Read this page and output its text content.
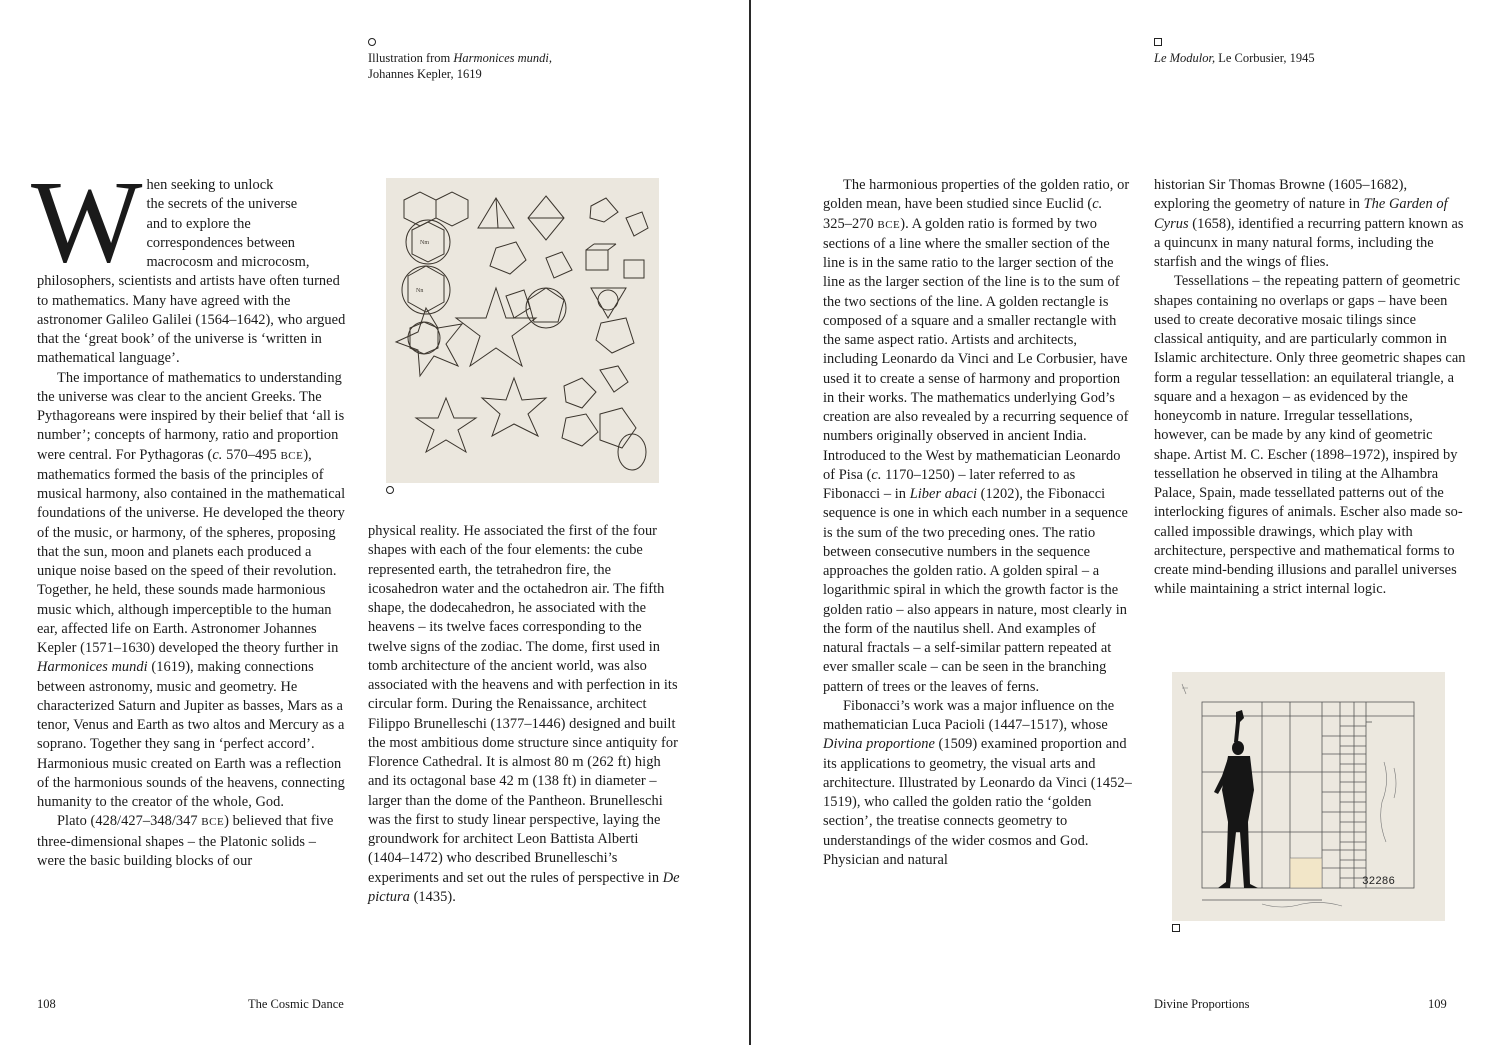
Illustration from Harmonices mundi,
Johannes Kepler, 1619

W hen seeking to unlock
the secrets of the universe
and to explore the
correspondences between
macrocosm and microcosm,
philosophers, scientists and artists have often turned to mathematics. Many have agreed with the astronomer Galileo Galilei (1564–1642), who argued that the ‘great book’ of the universe is ‘written in mathematical language’.

The importance of mathematics to understanding the universe was clear to the ancient Greeks. The Pythagoreans were inspired by their belief that ‘all is number’; concepts of harmony, ratio and proportion were central. For Pythagoras (c. 570–495 BCE), mathematics formed the basis of the principles of musical harmony, also contained in the mathematical foundations of the universe. He developed the theory of the music, or harmony, of the spheres, proposing that the sun, moon and planets each produced a unique noise based on the speed of their revolution. Together, he held, these sounds made harmonious music which, although imperceptible to the human ear, affected life on Earth. Astronomer Johannes Kepler (1571–1630) developed the theory further in Harmonices mundi (1619), making connections between astronomy, music and geometry. He characterized Saturn and Jupiter as basses, Mars as a tenor, Venus and Earth as two altos and Mercury as a soprano. Together they sang in ‘perfect accord’. Harmonious music created on Earth was a reflection of the harmonious sounds of the heavens, connecting humanity to the creator of the whole, God.

Plato (428/427–348/347 BCE) believed that five three-dimensional shapes – the Platonic solids – were the basic building blocks of our

Nm
Nn

physical reality. He associated the first of the four shapes with each of the four elements: the cube represented earth, the tetrahedron fire, the icosahedron water and the octahedron air. The fifth shape, the dodecahedron, he associated with the heavens – its twelve faces corresponding to the twelve signs of the zodiac. The dome, first used in tomb architecture of the ancient world, was also associated with the heavens and with perfection in its circular form. During the Renaissance, architect Filippo Brunelleschi (1377–1446) designed and built the most ambitious dome structure since antiquity for Florence Cathedral. It is almost 80 m (262 ft) high and its octagonal base 42 m (138 ft) in diameter – larger than the dome of the Pantheon. Brunelleschi was the first to study linear perspective, laying the groundwork for architect Leon Battista Alberti (1404–1472) who described Brunelleschi’s experiments and set out the rules of perspective in De pictura (1435).

108	The Cosmic Dance
Le Modulor, Le Corbusier, 1945

The harmonious properties of the golden ratio, or golden mean, have been studied since Euclid (c. 325–270 BCE). A golden ratio is formed by two sections of a line where the smaller section of the line is in the same ratio to the larger section of the line as the larger section of the line is to the sum of the two sections of the line. A golden rectangle is composed of a square and a smaller rectangle with the same aspect ratio. Artists and architects, including Leonardo da Vinci and Le Corbusier, have used it to create a sense of harmony and proportion in their works. The mathematics underlying God’s creation are also revealed by a recurring sequence of numbers originally observed in ancient India. Introduced to the West by mathematician Leonardo of Pisa (c. 1170–1250) – later referred to as Fibonacci – in Liber abaci (1202), the Fibonacci sequence is one in which each number in a sequence is the sum of the two preceding ones. The ratio between consecutive numbers in the sequence approaches the golden ratio. A golden spiral – a logarithmic spiral in which the growth factor is the golden ratio – also appears in nature, most clearly in the form of the nautilus shell. And examples of natural fractals – a self-similar pattern repeated at ever smaller scale – can be seen in the branching pattern of trees or the leaves of ferns.

Fibonacci’s work was a major influence on the mathematician Luca Pacioli (1447–1517), whose Divina proportione (1509) examined proportion and its applications to geometry, the visual arts and architecture. Illustrated by Leonardo da Vinci (1452–1519), who called the golden ratio the ‘golden section’, the treatise connects geometry to understandings of the wider cosmos and God. Physician and natural

historian Sir Thomas Browne (1605–1682), exploring the geometry of nature in The Garden of Cyrus (1658), identified a recurring pattern known as a quincunx in many natural forms, including the starfish and the wings of flies.

Tessellations – the repeating pattern of geometric shapes containing no overlaps or gaps – have been used to create decorative mosaic tilings since classical antiquity, and are particularly common in Islamic architecture. Only three geometric shapes can form a regular tessellation: an equilateral triangle, a square and a hexagon – as evidenced by the honeycomb in nature. Irregular tessellations, however, can be made by any kind of geometric shape. Artist M. C. Escher (1898–1972), inspired by tessellation he observed in tiling at the Alhambra Palace, Spain, made tessellated patterns out of the interlocking figures of animals. Escher also made so-called impossible drawings, which play with architecture, perspective and mathematical forms to create mind-bending illusions and parallel universes while maintaining a strict internal logic.

32286
Divine Proportions	109
